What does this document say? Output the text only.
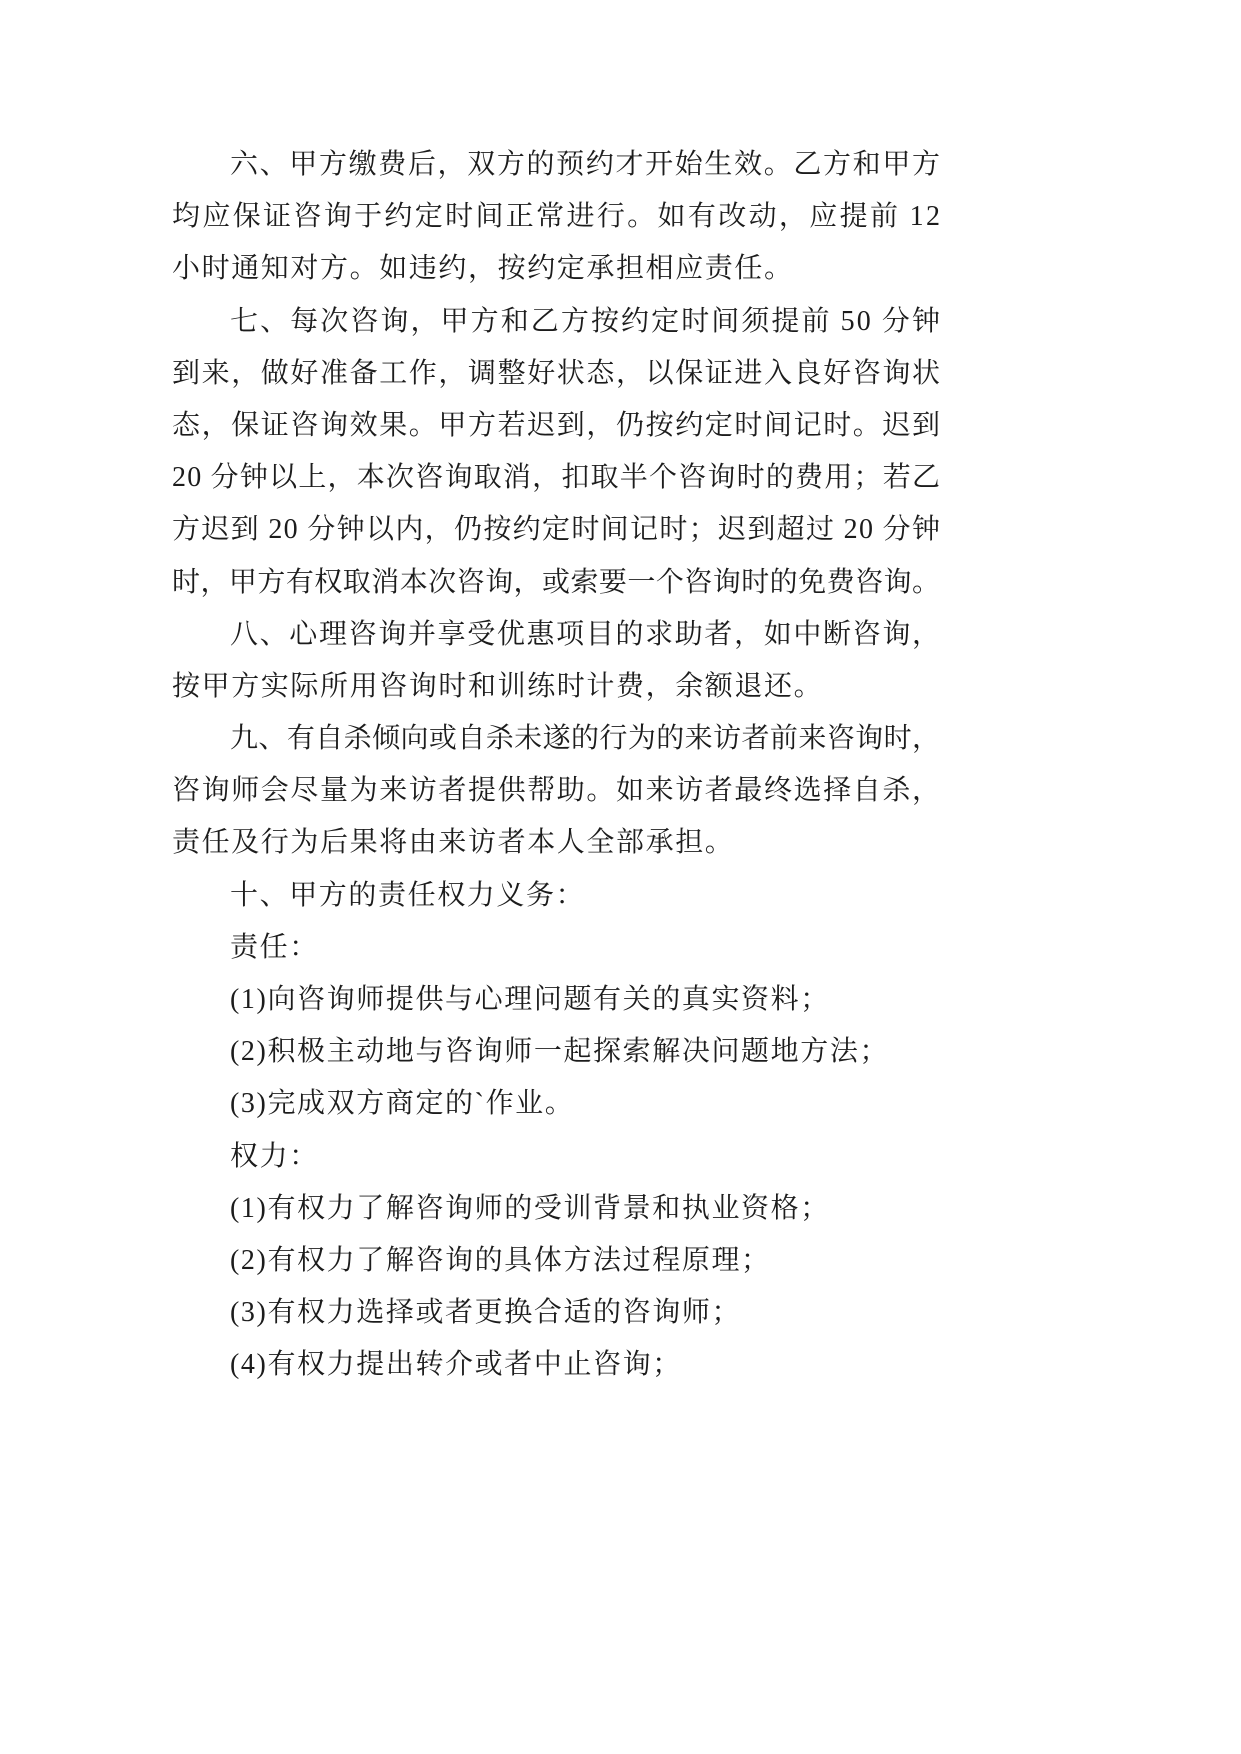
六、甲方缴费后，双方的预约才开始生效。乙方和甲方
均应保证咨询于约定时间正常进行。如有改动，应提前 12
小时通知对方。如违约，按约定承担相应责任。
七、每次咨询，甲方和乙方按约定时间须提前 50 分钟
到来，做好准备工作，调整好状态，以保证进入良好咨询状
态，保证咨询效果。甲方若迟到，仍按约定时间记时。迟到
20 分钟以上，本次咨询取消，扣取半个咨询时的费用；若乙
方迟到 20 分钟以内，仍按约定时间记时；迟到超过 20 分钟
时，甲方有权取消本次咨询，或索要一个咨询时的免费咨询。
八、心理咨询并享受优惠项目的求助者，如中断咨询，
按甲方实际所用咨询时和训练时计费，余额退还。
九、有自杀倾向或自杀未遂的行为的来访者前来咨询时，
咨询师会尽量为来访者提供帮助。如来访者最终选择自杀，
责任及行为后果将由来访者本人全部承担。
十、甲方的责任权力义务：
责任：
(1)向咨询师提供与心理问题有关的真实资料；
(2)积极主动地与咨询师一起探索解决问题地方法；
(3)完成双方商定的`作业。
权力：
(1)有权力了解咨询师的受训背景和执业资格；
(2)有权力了解咨询的具体方法过程原理；
(3)有权力选择或者更换合适的咨询师；
(4)有权力提出转介或者中止咨询；
